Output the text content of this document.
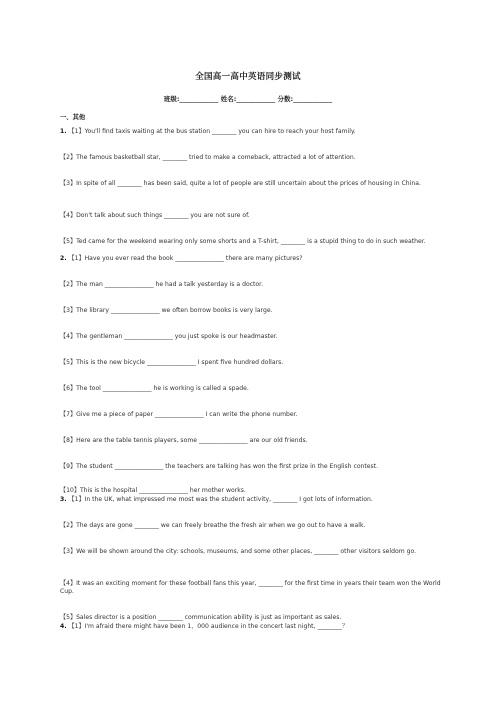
全国高一高中英语同步测试
班级:____________ 姓名:____________ 分数:____________
一、其他
1. 【1】You'll find taxis waiting at the bus station ________ you can hire to reach your host family.
【2】The famous basketball star, ________ tried to make a comeback, attracted a lot of attention.
【3】In spite of all ________ has been said, quite a lot of people are still uncertain about the prices of housing in China.
【4】Don't talk about such things ________ you are not sure of.
【5】Ted came for the weekend wearing only some shorts and a T-shirt, ________ is a stupid thing to do in such weather.
2. 【1】Have you ever read the book ________________ there are many pictures?
【2】The man ________________ he had a talk yesterday is a doctor.
【3】The library ________________ we often borrow books is very large.
【4】The gentleman ________________ you just spoke is our headmaster.
【5】This is the new bicycle ________________ I spent five hundred dollars.
【6】The tool ________________ he is working is called a spade.
【7】Give me a piece of paper ________________ I can write the phone number.
【8】Here are the table tennis players, some ________________ are our old friends.
【9】The student ________________ the teachers are talking has won the first prize in the English contest.
【10】This is the hospital ________________ her mother works.
3. 【1】In the UK, what impressed me most was the student activity, ________ I got lots of information.
【2】The days are gone ________ we can freely breathe the fresh air when we go out to have a walk.
【3】We will be shown around the city: schools, museums, and some other places, ________ other visitors seldom go.
【4】It was an exciting moment for these football fans this year, ________ for the first time in years their team won the World Cup.
【5】Sales director is a position ________ communication ability is just as important as sales.
4. 【1】I'm afraid there might have been 1，000 audience in the concert last night, ________？
